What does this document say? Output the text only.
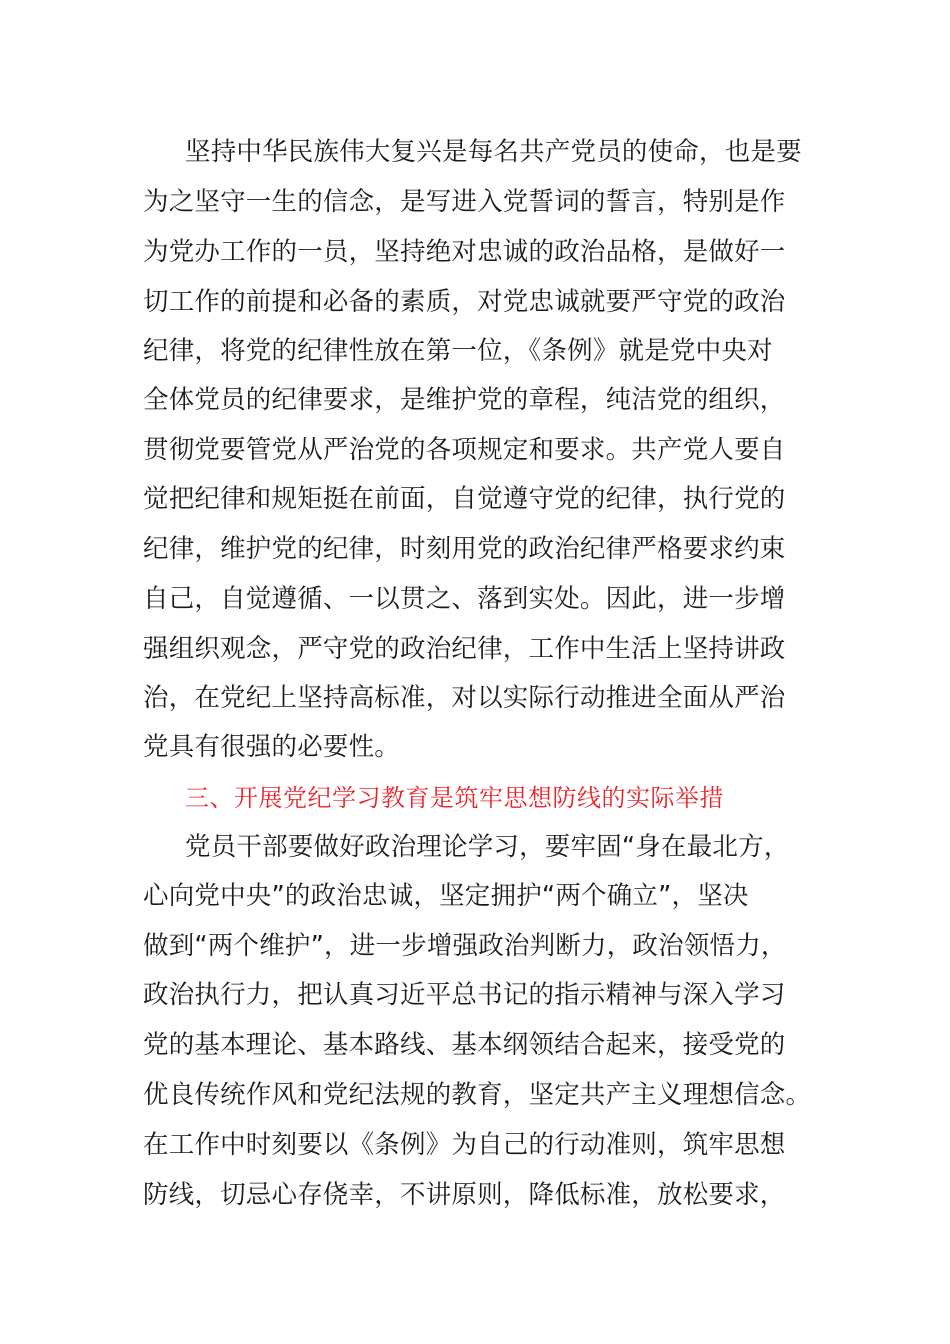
坚持中华民族伟大复兴是每名共产党员的使命，也是要
为之坚守一生的信念，是写进入党誓词的誓言，特别是作
为党办工作的一员，坚持绝对忠诚的政治品格，是做好一
切工作的前提和必备的素质，对党忠诚就要严守党的政治
纪律，将党的纪律性放在第一位，《条例》就是党中央对
全体党员的纪律要求，是维护党的章程，纯洁党的组织，
贯彻党要管党从严治党的各项规定和要求。共产党人要自
觉把纪律和规矩挺在前面，自觉遵守党的纪律，执行党的
纪律，维护党的纪律，时刻用党的政治纪律严格要求约束
自己，自觉遵循、一以贯之、落到实处。因此，进一步增
强组织观念，严守党的政治纪律，工作中生活上坚持讲政
治，在党纪上坚持高标准，对以实际行动推进全面从严治
党具有很强的必要性。
三、开展党纪学习教育是筑牢思想防线的实际举措
党员干部要做好政治理论学习，要牢固“身在最北方，
心向党中央”的政治忠诚，坚定拥护“两个确立”，坚决
做到“两个维护”，进一步增强政治判断力，政治领悟力，
政治执行力，把认真习近平总书记的指示精神与深入学习
党的基本理论、基本路线、基本纲领结合起来，接受党的
优良传统作风和党纪法规的教育，坚定共产主义理想信念。
在工作中时刻要以《条例》为自己的行动准则，筑牢思想
防线，切忌心存侥幸，不讲原则，降低标准，放松要求，
